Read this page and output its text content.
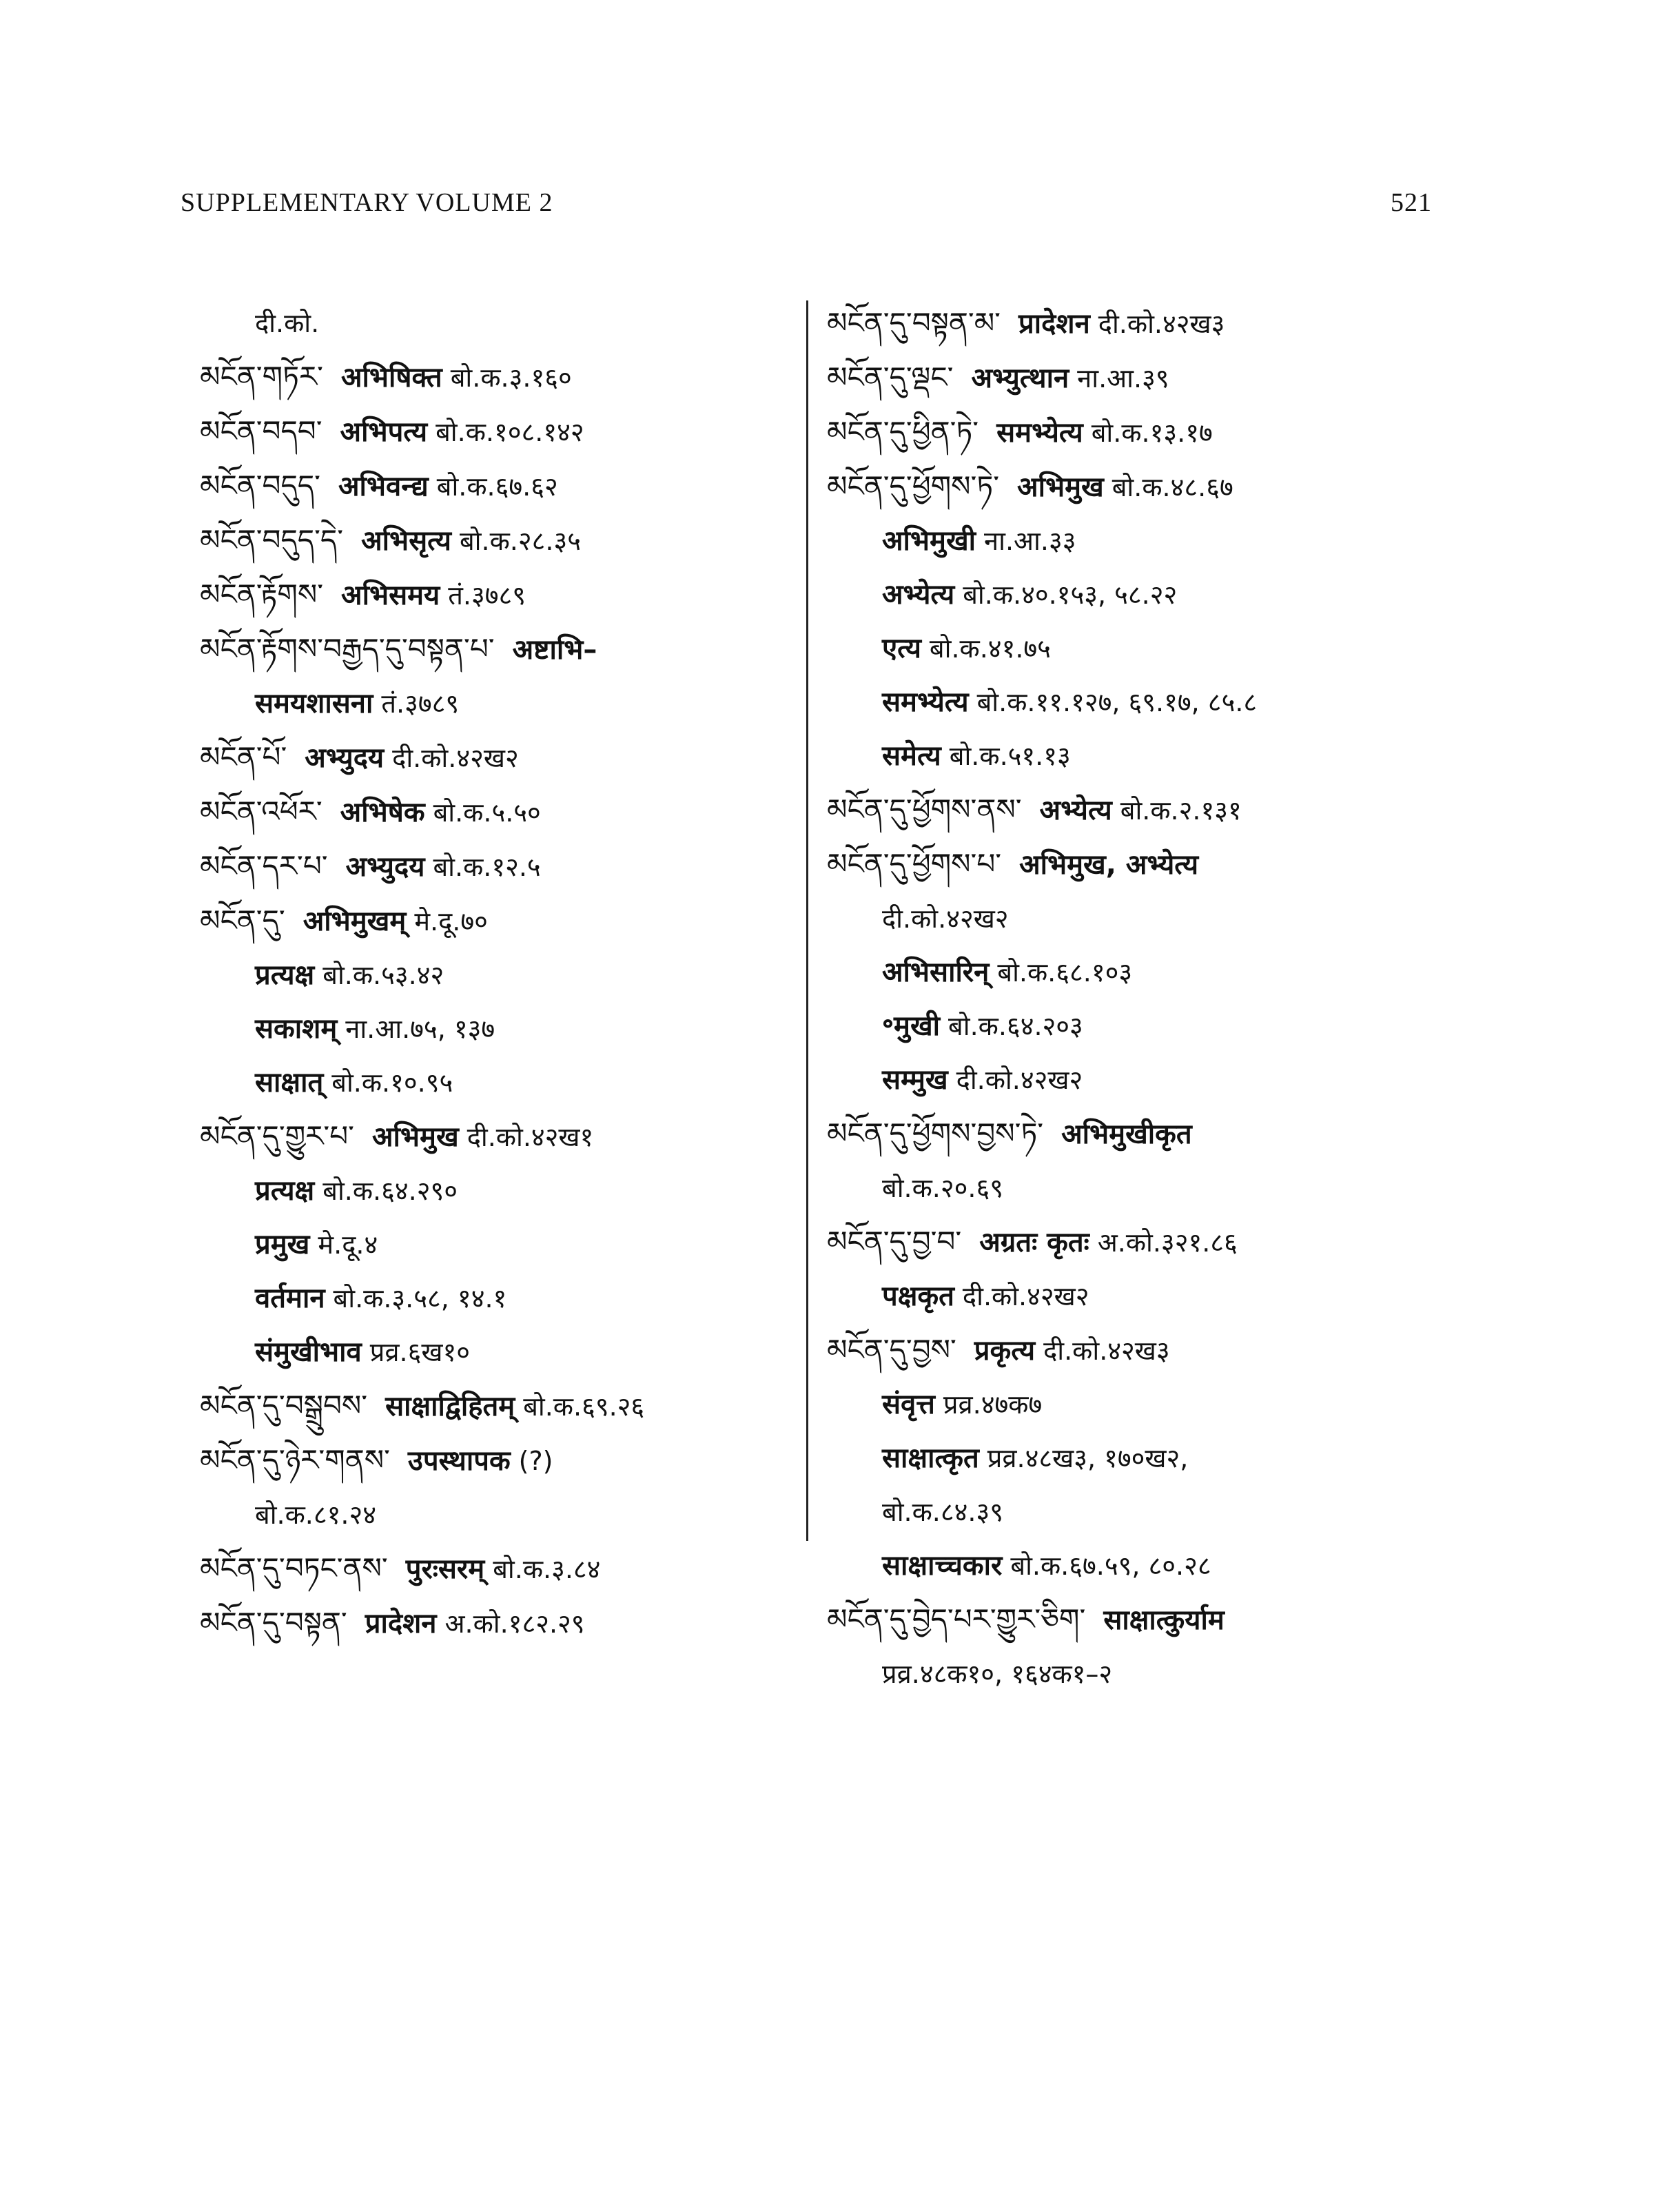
SUPPLEMENTARY VOLUME 2	521
दी.को.
མངོན་གཏོར་ अभिषिक्त बो.क.३.१६०
མངོན་བདབ་ अभिपत्य बो.क.१०८.१४२
མངོན་བདུད་ अभिवन्द्य बो.क.६७.६२
མངོན་བདུད་དེ་ अभिसृत्य बो.क.२८.३५
མངོན་རྟོགས་ अभिसमय तं.३७८९
མངོན་རྟོགས་བརྒྱད་དུ་བསྟན་པ་ अष्टाभि–
समयशासना तं.३७८९
མངོན་པོ་ अभ्युदय दी.को.४२ख२
མངོན་འཕོར་ अभिषेक बो.क.५.५०
མངོན་དར་པ་ अभ्युदय बो.क.१२.५
མངོན་དུ་ अभिमुखम् मे.दू.७०
प्रत्यक्ष बो.क.५३.४२
सकाशम् ना.आ.७५, १३७
साक्षात् बो.क.१०.९५
མངོན་དུ་གྱུར་པ་ अभिमुख दी.को.४२ख१
प्रत्यक्ष बो.क.६४.२९०
प्रमुख मे.दू.४
वर्तमान बो.क.३.५८, १४.१
संमुखीभाव प्रव्र.६ख१०
མངོན་དུ་བསྒྲུབས་ साक्षाद्विहितम् बो.क.६९.२६
མངོན་དུ་ཉེར་གནས་ उपस्थापक (?)
बो.क.८१.२४
མངོན་དུ་བཏང་ནས་ पुरःसरम् बो.क.३.८४
མངོན་དུ་བསྟན་ प्रादेशन अ.को.१८२.२९
མངོན་དུ་བསྟན་མ་ प्रादेशन दी.को.४२ख३
མངོན་དུ་ལྡང་ अभ्युत्थान ना.आ.३९
མངོན་དུ་ཕྱིན་ཏེ་ समभ्येत्य बो.क.१३.१७
མངོན་དུ་ཕྱོགས་ཏེ་ अभिमुख बो.क.४८.६७
अभिमुखी ना.आ.३३
अभ्येत्य बो.क.४०.१५३, ५८.२२
एत्य बो.क.४१.७५
समभ्येत्य बो.क.११.१२७, ६९.१७, ८५.८
समेत्य बो.क.५१.१३
མངོན་དུ་ཕྱོགས་ནས་ अभ्येत्य बो.क.२.१३१
མངོན་དུ་ཕྱོགས་པ་ अभिमुख, अभ्येत्य
दी.को.४२ख२
अभिसारिन् बो.क.६८.१०३
॰मुखी बो.क.६४.२०३
सम्मुख दी.को.४२ख२
མངོན་དུ་ཕྱོགས་བྱས་ཏེ་ अभिमुखीकृत
बो.क.२०.६९
མངོན་དུ་བྱ་བ་ अग्रतः कृतः अ.को.३२१.८६
पक्षकृत दी.को.४२ख२
མངོན་དུ་བྱས་ प्रकृत्य दी.को.४२ख३
संवृत्त प्रव्र.४७क७
साक्षात्कृत प्रव्र.४८ख३, १७०ख२,
बो.क.८४.३९
साक्षाच्चकार बो.क.६७.५९, ८०.२८
མངོན་དུ་བྱེད་པར་གྱུར་ཅིག་ साक्षात्कुर्याम
प्रव्र.४८क१०, १६४क१–२
